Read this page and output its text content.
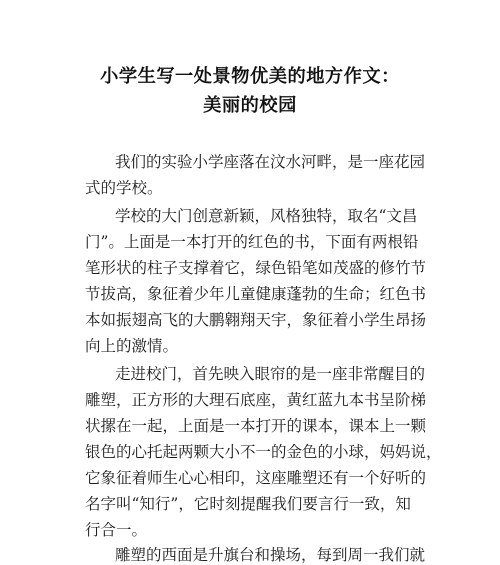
小学生写一处景物优美的地方作文：
美丽的校园
我们的实验小学座落在汶水河畔，是一座花园
式的学校。
学校的大门创意新颖，风格独特，取名“文昌
门”。上面是一本打开的红色的书，下面有两根铅
笔形状的柱子支撑着它，绿色铅笔如茂盛的修竹节
节拔高，象征着少年儿童健康蓬勃的生命；红色书
本如振翅高飞的大鹏翱翔天宇，象征着小学生昂扬
向上的激情。
走进校门，首先映入眼帘的是一座非常醒目的
雕塑，正方形的大理石底座，黄红蓝九本书呈阶梯
状摞在一起，上面是一本打开的课本，课本上一颗
银色的心托起两颗大小不一的金色的小球，妈妈说，
它象征着师生心心相印，这座雕塑还有一个好听的
名字叫“知行”，它时刻提醒我们要言行一致，知
行合一。
雕塑的西面是升旗台和操场，每到周一我们就
